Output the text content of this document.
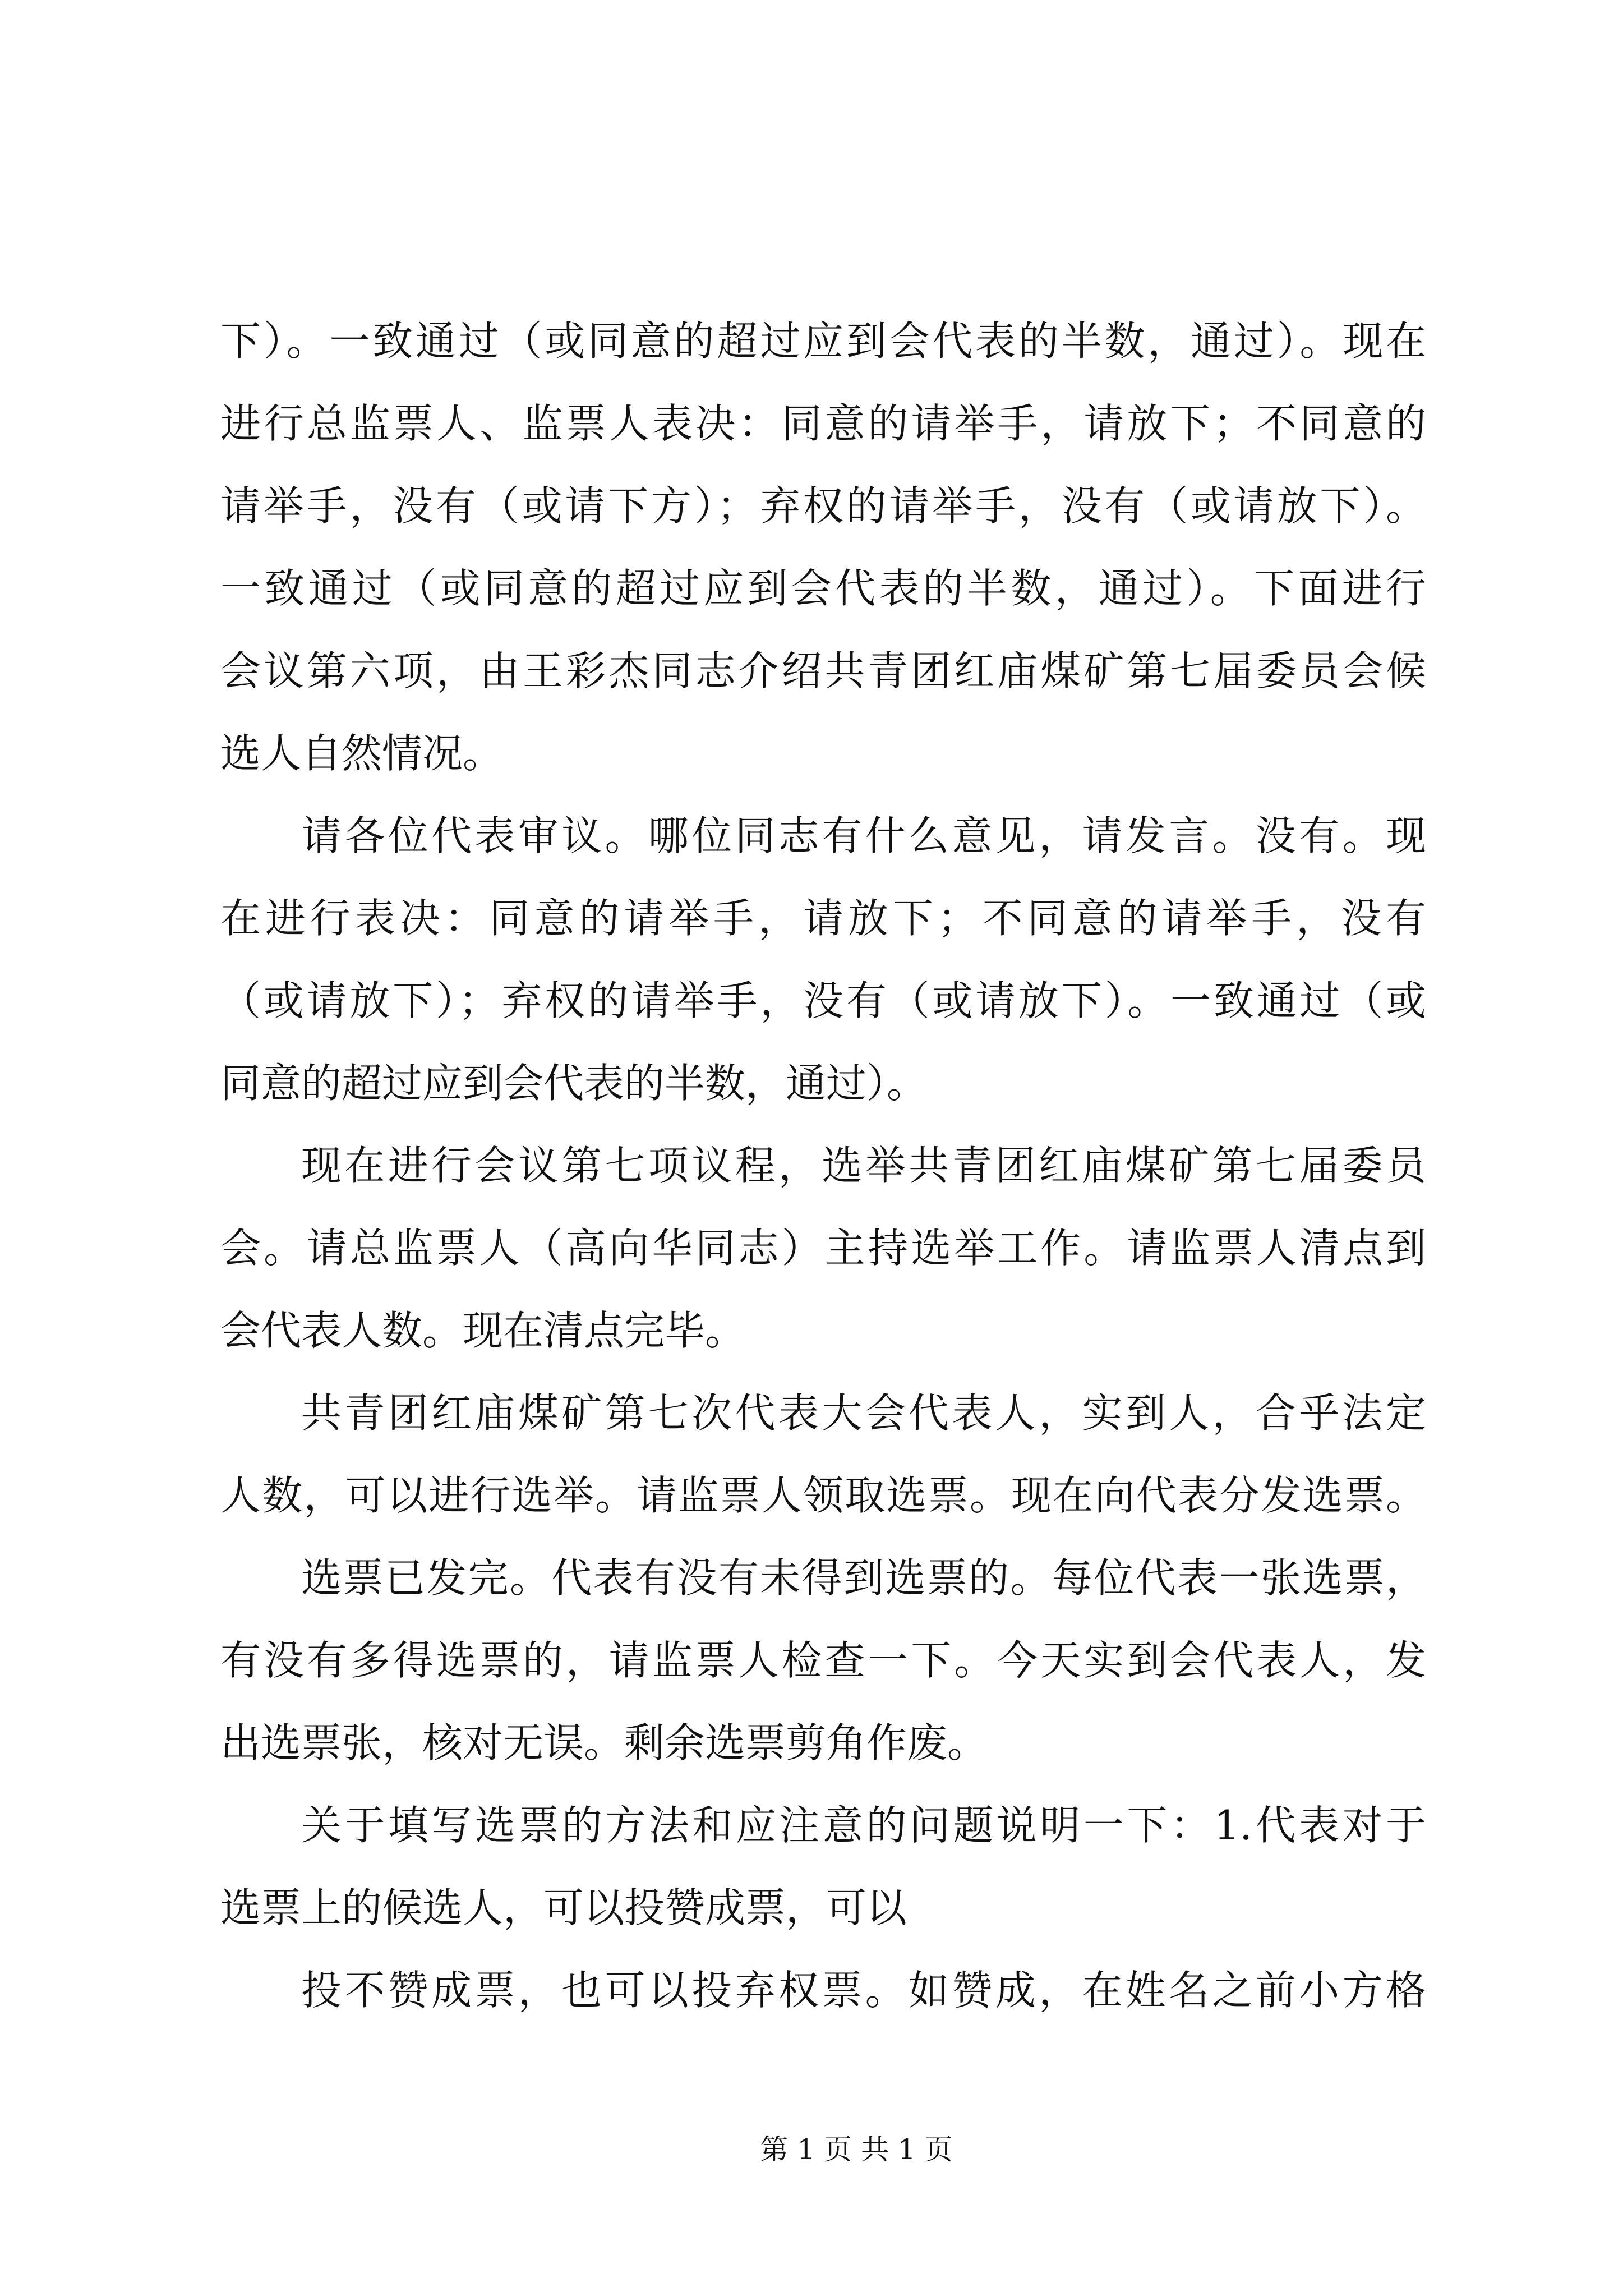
下）。一致通过（或同意的超过应到会代表的半数，通过）。现在
进行总监票人、监票人表决：同意的请举手，请放下；不同意的
请举手，没有（或请下方）；弃权的请举手，没有（或请放下）。
一致通过（或同意的超过应到会代表的半数，通过）。下面进行
会议第六项，由王彩杰同志介绍共青团红庙煤矿第七届委员会候
选人自然情况。
请各位代表审议。哪位同志有什么意见，请发言。没有。现
在进行表决：同意的请举手，请放下；不同意的请举手，没有
（或请放下）；弃权的请举手，没有（或请放下）。一致通过（或
同意的超过应到会代表的半数，通过）。
现在进行会议第七项议程，选举共青团红庙煤矿第七届委员
会。请总监票人（高向华同志）主持选举工作。请监票人清点到
会代表人数。现在清点完毕。
共青团红庙煤矿第七次代表大会代表人，实到人，合乎法定
人数，可以进行选举。请监票人领取选票。现在向代表分发选票。
选票已发完。代表有没有未得到选票的。每位代表一张选票，
有没有多得选票的，请监票人检查一下。今天实到会代表人，发
出选票张，核对无误。剩余选票剪角作废。
关于填写选票的方法和应注意的问题说明一下：1.代表对于
选票上的候选人，可以投赞成票，可以
投不赞成票，也可以投弃权票。如赞成，在姓名之前小方格
第 1 页 共 1 页
